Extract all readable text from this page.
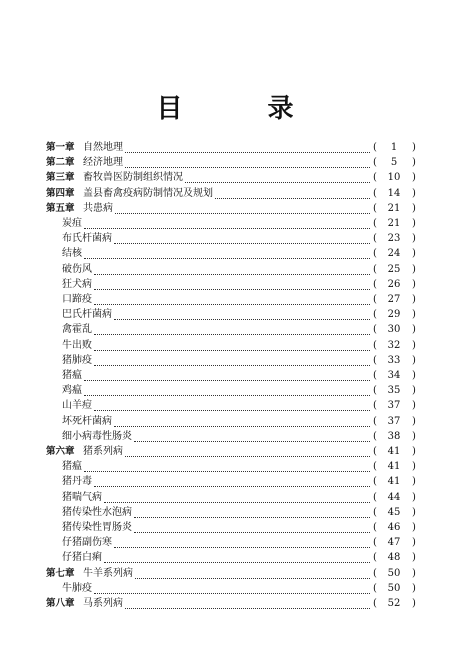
目 录
第一章 自然地理	(	1	)
第二章 经济地理	(	5	)
第三章 畜牧兽医防制组织情况	(	10	)
第四章 盖县畜禽疫病防制情况及规划	(	14	)
第五章 共患病	(	21	)
炭疽	(	21	)
布氏杆菌病	(	23	)
结核	(	24	)
破伤风	(	25	)
狂犬病	(	26	)
口蹄疫	(	27	)
巴氏杆菌病	(	29	)
禽霍乱	(	30	)
牛出败	(	32	)
猪肺疫	(	33	)
猪瘟	(	34	)
鸡瘟	(	35	)
山羊痘	(	37	)
坏死杆菌病	(	37	)
细小病毒性肠炎	(	38	)
第六章 猪系列病	(	41	)
猪瘟	(	41	)
猪丹毒	(	41	)
猪喘气病	(	44	)
猪传染性水泡病	(	45	)
猪传染性胃肠炎	(	46	)
仔猪副伤寒	(	47	)
仔猪白痢	(	48	)
第七章 牛羊系列病	(	50	)
牛肺疫	(	50	)
第八章 马系列病	(	52	)
